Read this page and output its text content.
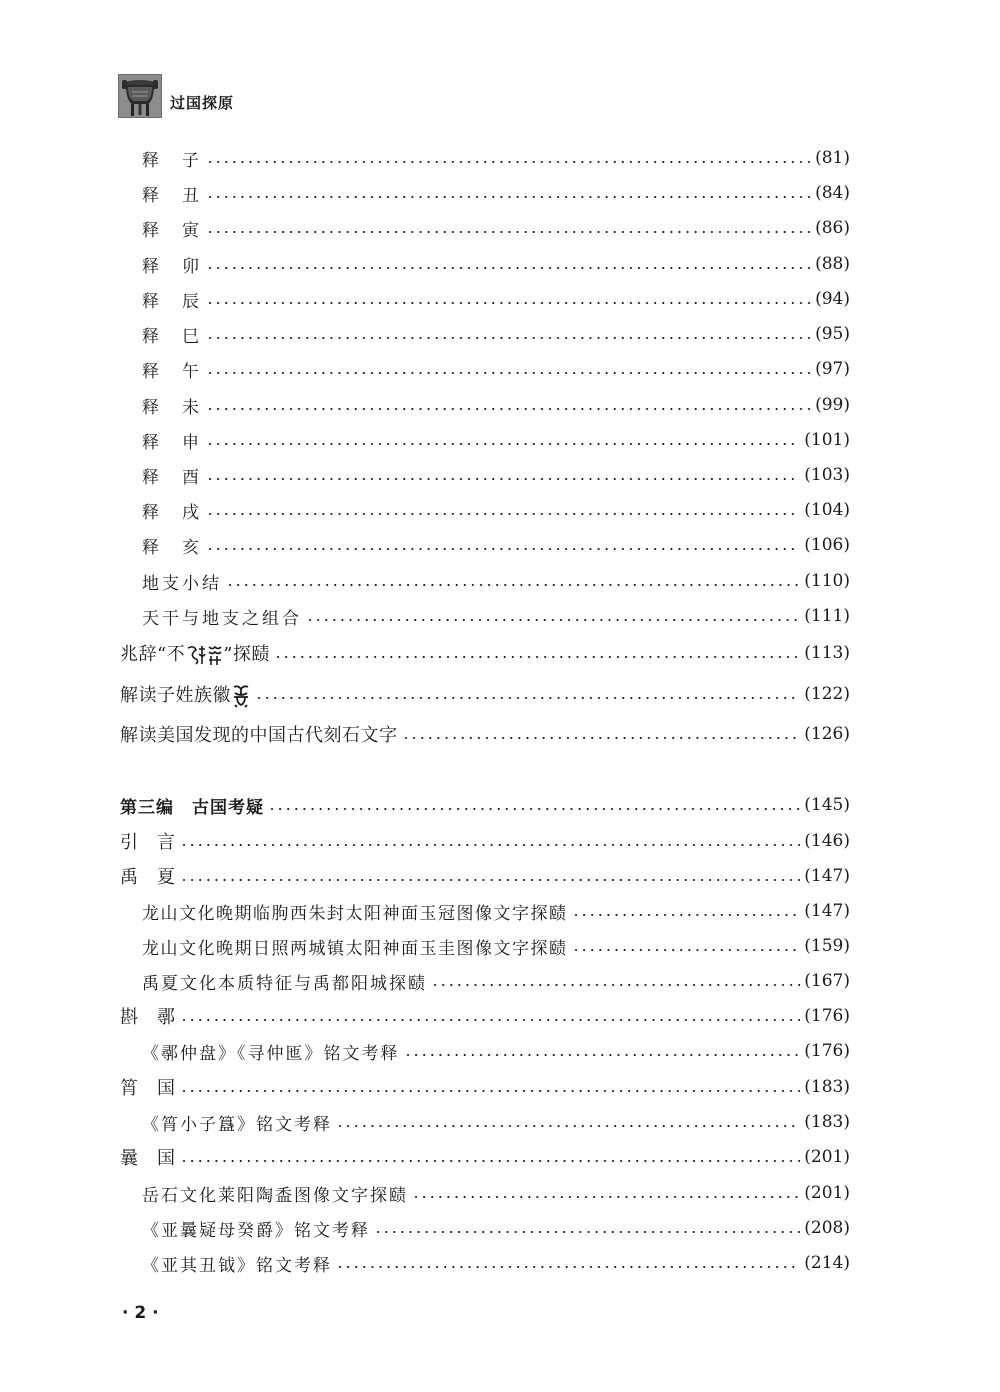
过国探原
释　子	(81)
释　丑	(84)
释　寅	(86)
释　卯	(88)
释　辰	(94)
释　巳	(95)
释　午	(97)
释　未	(99)
释　申	(101)
释　酉	(103)
释　戌	(104)
释　亥	(106)
地支小结	(110)
天干与地支之组合	(111)
兆辞“不 ”探赜	(113)
解读子姓族徽	(122)
解读美国发现的中国古代刻石文字	(126)
第三编　古国考疑	(145)
引　言	(146)
禹　夏	(147)
龙山文化晚期临朐西朱封太阳神面玉冠图像文字探赜	(147)
龙山文化晚期日照两城镇太阳神面玉圭图像文字探赜	(159)
禹夏文化本质特征与禹都阳城探赜	(167)
斟　鄩	(176)
《鄩仲盘》《寻仲匜》铭文考释	(176)
筲　国	(183)
《筲小子簋》铭文考释	(183)
曩　国	(201)
岳石文化莱阳陶盉图像文字探赜	(201)
《亚曩疑母癸爵》铭文考释	(208)
《亚其丑钺》铭文考释	(214)
· 2 ·
